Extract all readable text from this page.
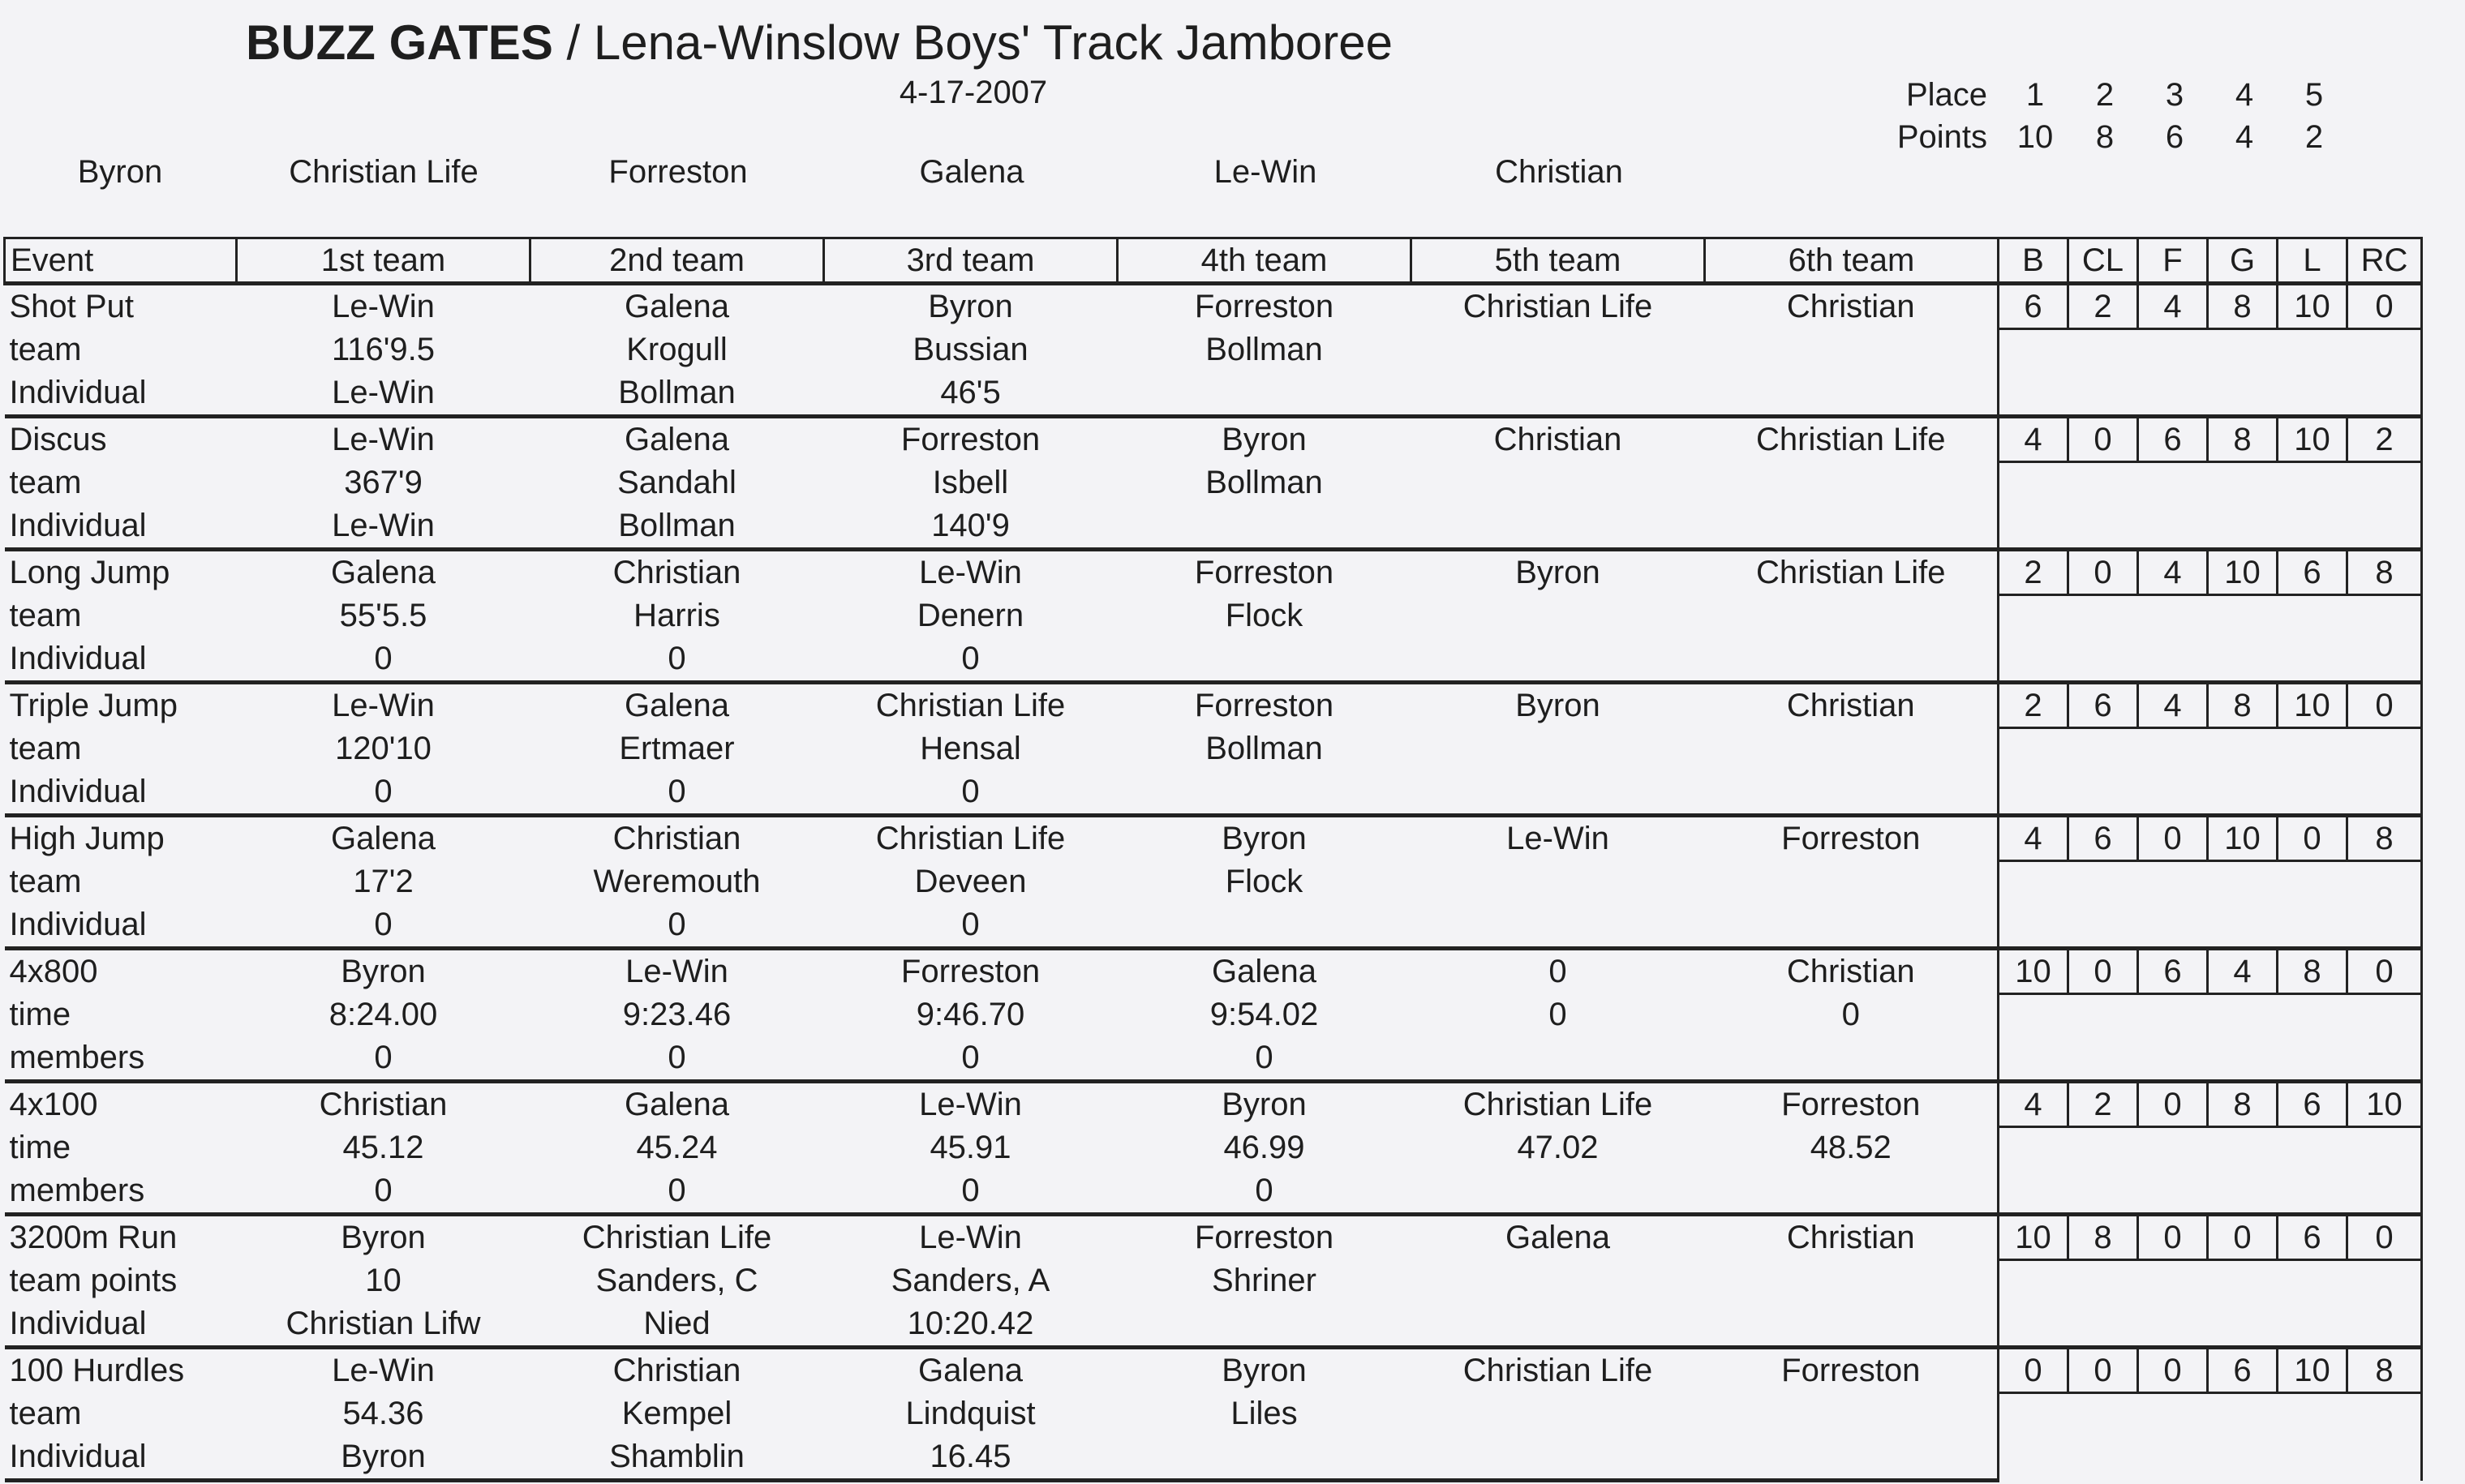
BUZZ GATES / Lena-Winslow Boys' Track Jamboree
4-17-2007
Byron	Christian Life	Forreston	Galena	Le-Win	Christian
Place	1	2	3	4	5
Points 10	8	6	4	2
Event	1st team	2nd team	3rd team	4th team	5th team	6th team	B	CL	F	G	L	RC
Shot Put	Le-Win	Galena	Byron	Forreston	Christian Life	Christian	6	2	4	8	10	0
team	116'9.5	Krogull	Bussian	Bollman								
Individual	Le-Win	Bollman	46'5									
Discus	Le-Win	Galena	Forreston	Byron	Christian	Christian Life	4	0	6	8	10	2
team	367'9	Sandahl	Isbell	Bollman								
Individual	Le-Win	Bollman	140'9									
Long Jump	Galena	Christian	Le-Win	Forreston	Byron	Christian Life	2	0	4	10	6	8
team	55'5.5	Harris	Denern	Flock								
Individual	0	0	0									
Triple Jump	Le-Win	Galena	Christian Life	Forreston	Byron	Christian	2	6	4	8	10	0
team	120'10	Ertmaer	Hensal	Bollman								
Individual	0	0	0									
High Jump	Galena	Christian	Christian Life	Byron	Le-Win	Forreston	4	6	0	10	0	8
team	17'2	Weremouth	Deveen	Flock								
Individual	0	0	0									
4x800	Byron	Le-Win	Forreston	Galena	0	Christian	10	0	6	4	8	0
time	8:24.00	9:23.46	9:46.70	9:54.02	0	0						
members	0	0	0	0								
4x100	Christian	Galena	Le-Win	Byron	Christian Life	Forreston	4	2	0	8	6	10
time	45.12	45.24	45.91	46.99	47.02	48.52						
members	0	0	0	0								
3200m Run	Byron	Christian Life	Le-Win	Forreston	Galena	Christian	10	8	0	0	6	0
team points	10	Sanders, C	Sanders, A	Shriner								
Individual	Christian Lifw	Nied	10:20.42									
100 Hurdles	Le-Win	Christian	Galena	Byron	Christian Life	Forreston	0	0	0	6	10	8
team	54.36	Kempel	Lindquist	Liles								
Individual	Byron	Shamblin	16.45									
